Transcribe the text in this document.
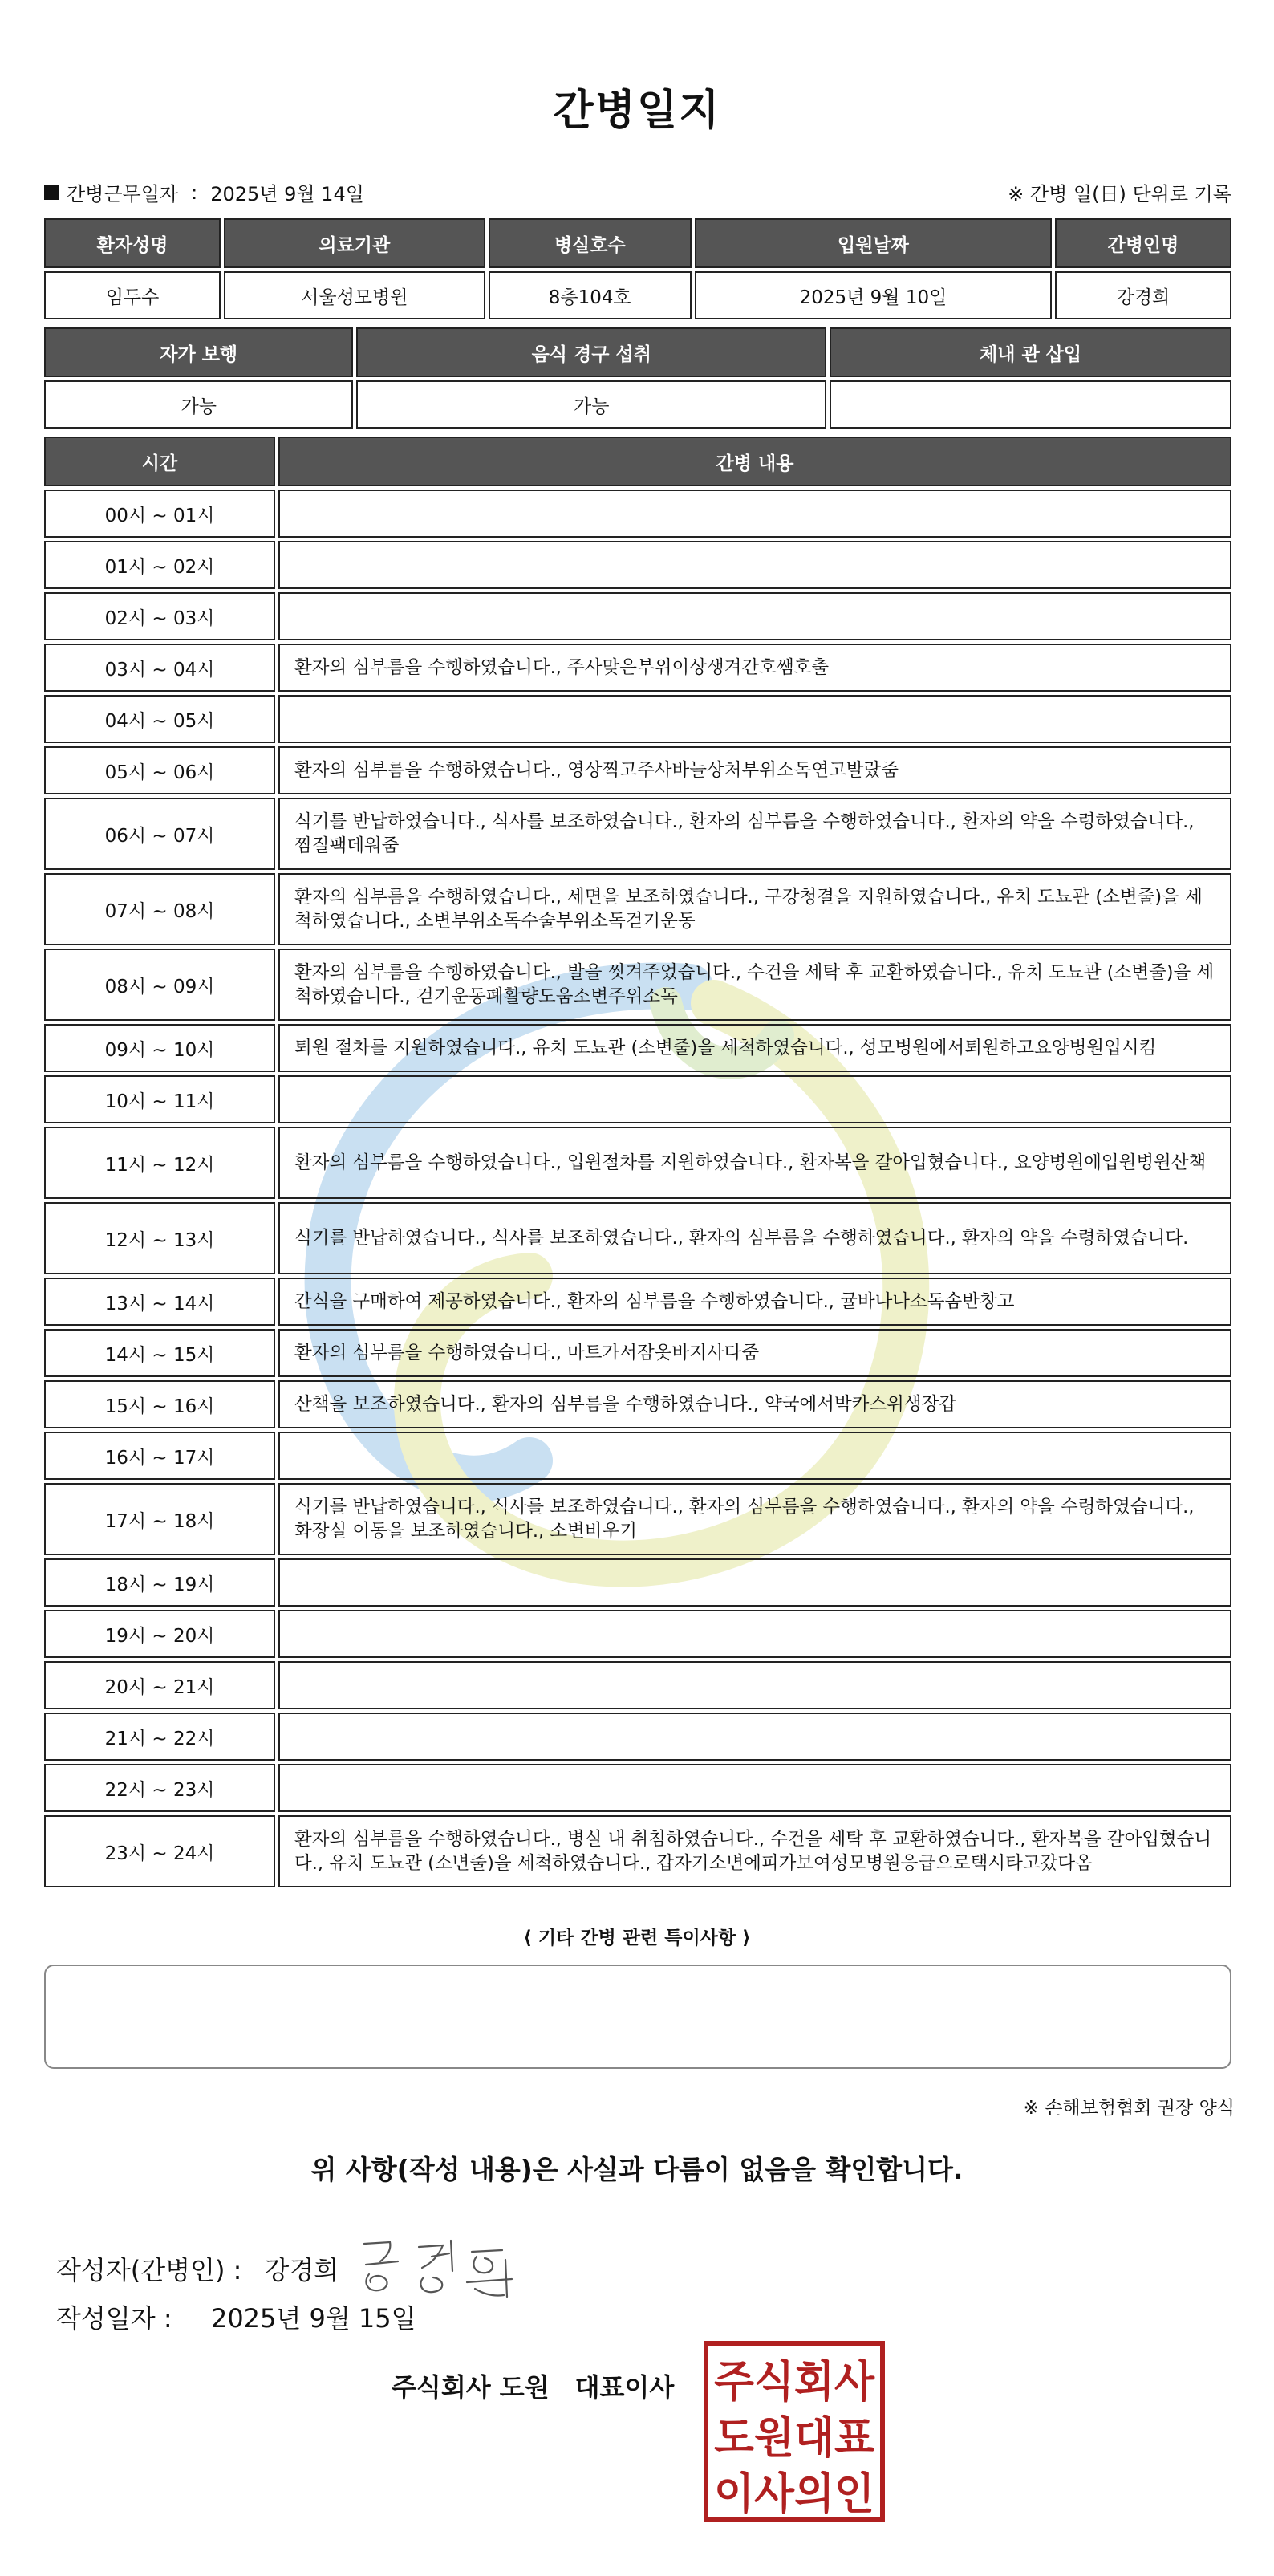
간병일지
간병근무일자 : 2025년 9월 14일	※ 간병 일(日) 단위로 기록
환자성명	의료기관	병실호수	입원날짜	간병인명
임두수	서울성모병원	8층104호	2025년 9월 10일	강경희
자가 보행	음식 경구 섭취	체내 관 삽입
가능	가능	
시간	간병 내용
00시 ~ 01시	
01시 ~ 02시	
02시 ~ 03시	
03시 ~ 04시	환자의 심부름을 수행하였습니다., 주사맞은부위이상생겨간호쌤호출
04시 ~ 05시	
05시 ~ 06시	환자의 심부름을 수행하였습니다., 영상찍고주사바늘상처부위소독연고발랐줌
06시 ~ 07시	식기를 반납하였습니다., 식사를 보조하였습니다., 환자의 심부름을 수행하였습니다., 환자의 약을 수령하였습니다., 찜질팩데워줌
07시 ~ 08시	환자의 심부름을 수행하였습니다., 세면을 보조하였습니다., 구강청결을 지원하였습니다., 유치 도뇨관 (소변줄)을 세척하였습니다., 소변부위소독수술부위소독걷기운동
08시 ~ 09시	환자의 심부름을 수행하였습니다., 발을 씻겨주었습니다., 수건을 세탁 후 교환하였습니다., 유치 도뇨관 (소변줄)을 세척하였습니다., 걷기운동폐활량도움소변주위소독
09시 ~ 10시	퇴원 절차를 지원하였습니다., 유치 도뇨관 (소변줄)을 세척하였습니다., 성모병원에서퇴원하고요양병원입시킴
10시 ~ 11시	
11시 ~ 12시	환자의 심부름을 수행하였습니다., 입원절차를 지원하였습니다., 환자복을 갈아입혔습니다., 요양병원에입원병원산책
12시 ~ 13시	식기를 반납하였습니다., 식사를 보조하였습니다., 환자의 심부름을 수행하였습니다., 환자의 약을 수령하였습니다.
13시 ~ 14시	간식을 구매하여 제공하였습니다., 환자의 심부름을 수행하였습니다., 귤바나나소독솜반창고
14시 ~ 15시	환자의 심부름을 수행하였습니다., 마트가서잠옷바지사다줌
15시 ~ 16시	산책을 보조하였습니다., 환자의 심부름을 수행하였습니다., 약국에서박카스위생장갑
16시 ~ 17시	
17시 ~ 18시	식기를 반납하였습니다., 식사를 보조하였습니다., 환자의 심부름을 수행하였습니다., 환자의 약을 수령하였습니다., 화장실 이동을 보조하였습니다., 소변비우기
18시 ~ 19시	
19시 ~ 20시	
20시 ~ 21시	
21시 ~ 22시	
22시 ~ 23시	
23시 ~ 24시	환자의 심부름을 수행하였습니다., 병실 내 취침하였습니다., 수건을 세탁 후 교환하였습니다., 환자복을 갈아입혔습니다., 유치 도뇨관 (소변줄)을 세척하였습니다., 갑자기소변에피가보여성모병원응급으로택시타고갔다옴
⟨ 기타 간병 관련 특이사항 ⟩
※ 손해보험협회 권장 양식
위 사항(작성 내용)은 사실과 다름이 없음을 확인합니다.
작성자(간병인) : 강경희
작성일자 : 2025년 9월 15일
주식회사 도원　대표이사 주식회사
도원대표
이사의인
